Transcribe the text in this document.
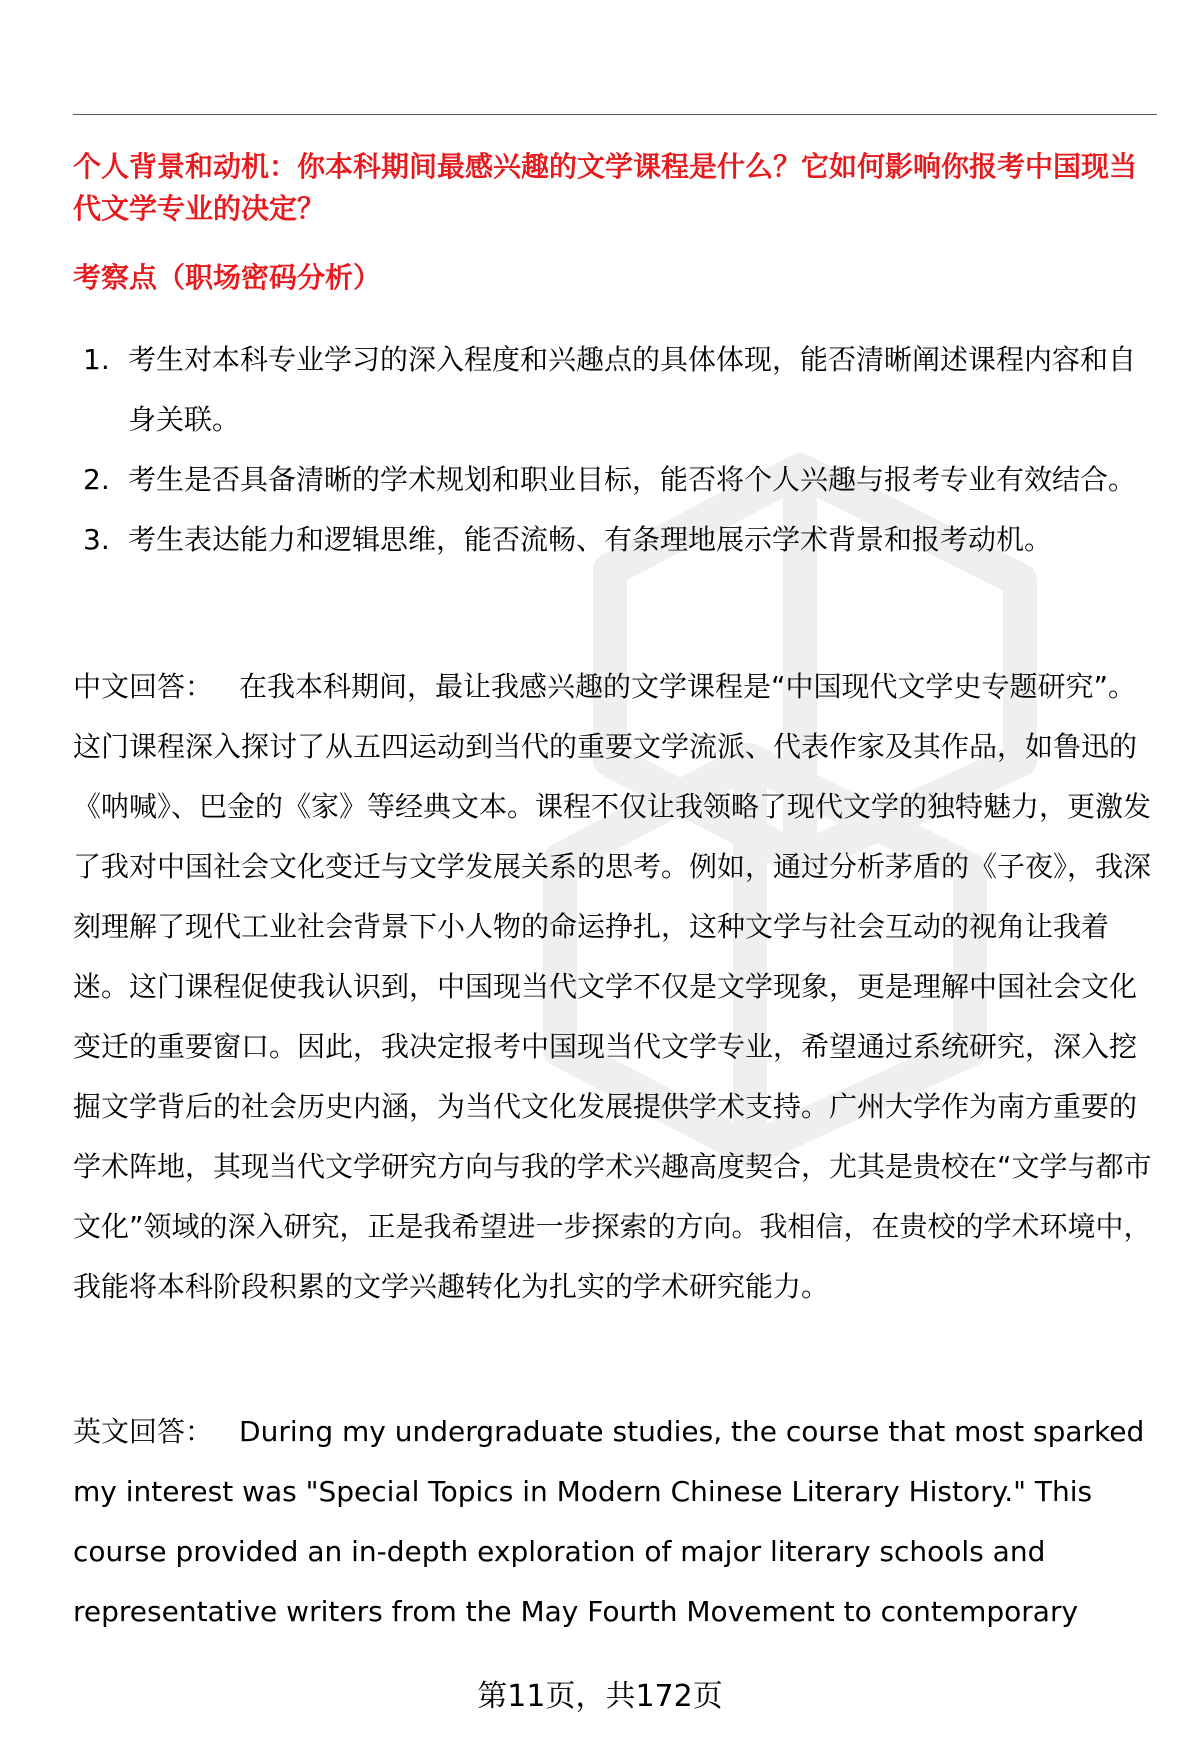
个人背景和动机：你本科期间最感兴趣的文学课程是什么？它如何影响你报考中国现当代文学专业的决定？
考察点（职场密码分析）
1. 考生对本科专业学习的深入程度和兴趣点的具体体现，能否清晰阐述课程内容和自身关联。
2. 考生是否具备清晰的学术规划和职业目标，能否将个人兴趣与报考专业有效结合。
3. 考生表达能力和逻辑思维，能否流畅、有条理地展示学术背景和报考动机。

中文回答： 在我本科期间，最让我感兴趣的文学课程是“中国现代文学史专题研究”。这门课程深入探讨了从五四运动到当代的重要文学流派、代表作家及其作品，如鲁迅的《呐喊》、巴金的《家》等经典文本。课程不仅让我领略了现代文学的独特魅力，更激发了我对中国社会文化变迁与文学发展关系的思考。例如，通过分析茅盾的《子夜》，我深刻理解了现代工业社会背景下小人物的命运挣扎，这种文学与社会互动的视角让我着迷。这门课程促使我认识到，中国现当代文学不仅是文学现象，更是理解中国社会文化变迁的重要窗口。因此，我决定报考中国现当代文学专业，希望通过系统研究，深入挖掘文学背后的社会历史内涵，为当代文化发展提供学术支持。广州大学作为南方重要的学术阵地，其现当代文学研究方向与我的学术兴趣高度契合，尤其是贵校在“文学与都市文化”领域的深入研究，正是我希望进一步探索的方向。我相信，在贵校的学术环境中，我能将本科阶段积累的文学兴趣转化为扎实的学术研究能力。

英文回答： During my undergraduate studies, the course that most sparked my interest was "Special Topics in Modern Chinese Literary History." This course provided an in-depth exploration of major literary schools and representative writers from the May Fourth Movement to contemporary

第11页，共172页
